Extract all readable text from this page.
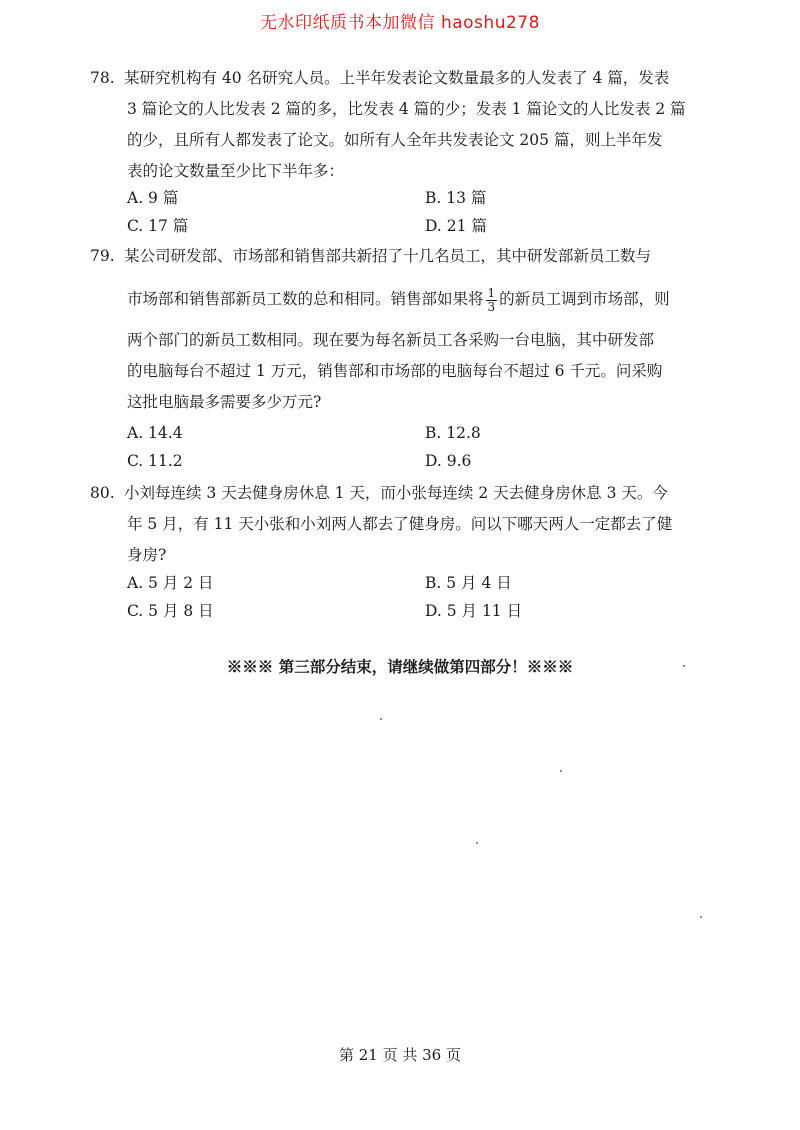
无水印纸质书本加微信 haoshu278
78. 某研究机构有 40 名研究人员。上半年发表论文数量最多的人发表了 4 篇，发表
3 篇论文的人比发表 2 篇的多，比发表 4 篇的少；发表 1 篇论文的人比发表 2 篇
的少，且所有人都发表了论文。如所有人全年共发表论文 205 篇，则上半年发
表的论文数量至少比下半年多：
A. 9 篇	B. 13 篇
C. 17 篇	D. 21 篇
79. 某公司研发部、市场部和销售部共新招了十几名员工，其中研发部新员工数与
市场部和销售部新员工数的总和相同。销售部如果将 $\frac{1}{3}$ 的新员工调到市场部，则
两个部门的新员工数相同。现在要为每名新员工各采购一台电脑，其中研发部
的电脑每台不超过 1 万元，销售部和市场部的电脑每台不超过 6 千元。问采购
这批电脑最多需要多少万元?
A. 14.4	B. 12.8
C. 11.2	D. 9.6
80. 小刘每连续 3 天去健身房休息 1 天，而小张每连续 2 天去健身房休息 3 天。今
年 5 月，有 11 天小张和小刘两人都去了健身房。问以下哪天两人一定都去了健
身房?
A. 5 月 2 日	B. 5 月 4 日
C. 5 月 8 日	D. 5 月 11 日
※※※ 第三部分结束，请继续做第四部分！※※※
第 21 页 共 36 页
